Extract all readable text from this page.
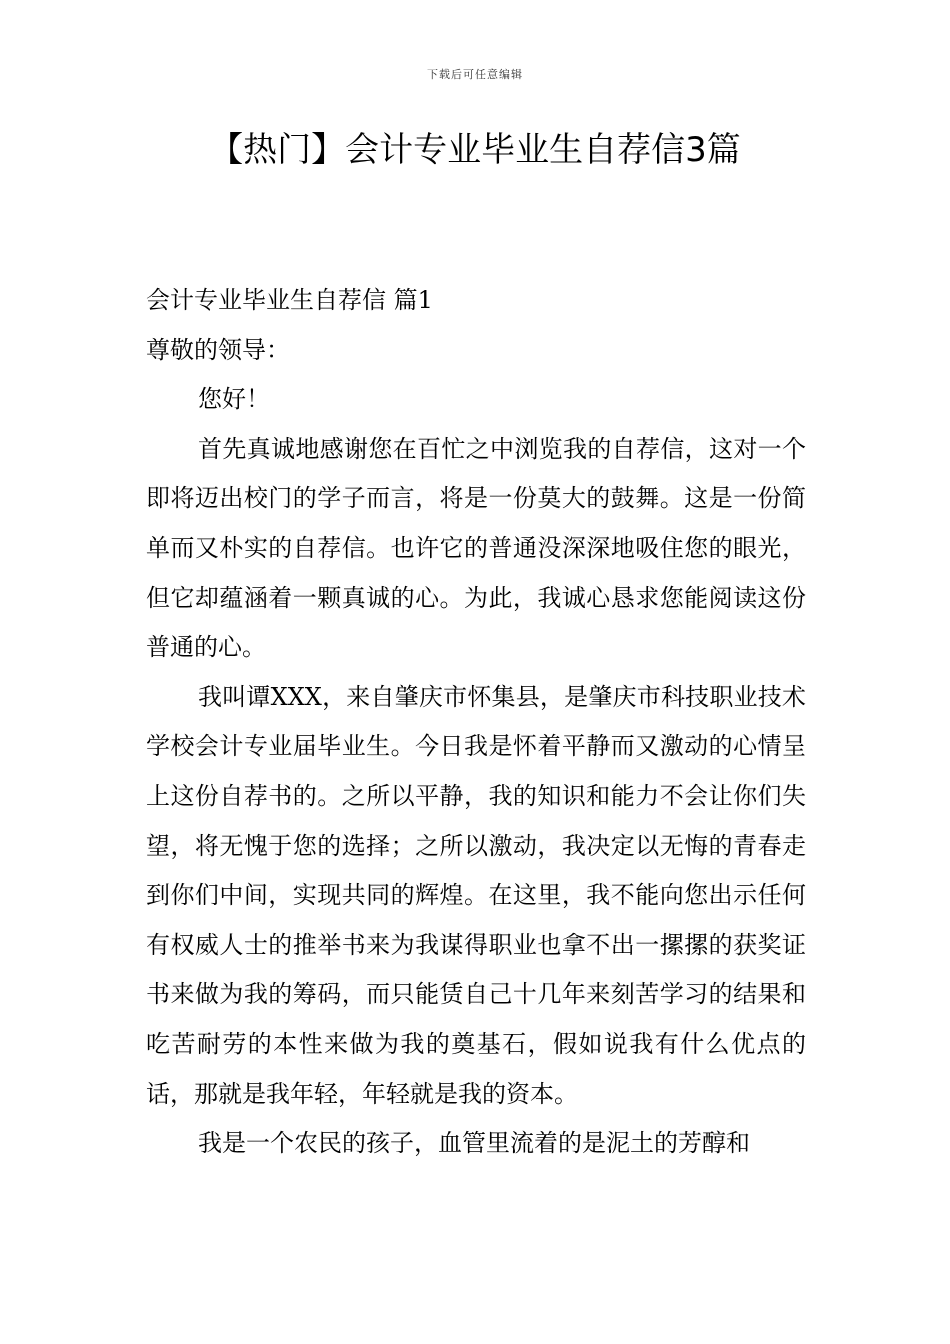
下载后可任意编辑
【热门】会计专业毕业生自荐信3篇

会计专业毕业生自荐信 篇1

尊敬的领导：

您好！

首先真诚地感谢您在百忙之中浏览我的自荐信，这对一个即将迈出校门的学子而言，将是一份莫大的鼓舞。这是一份简单而又朴实的自荐信。也许它的普通没深深地吸住您的眼光，但它却蕴涵着一颗真诚的心。为此，我诚心恳求您能阅读这份普通的心。

我叫谭XXX，来自肇庆市怀集县，是肇庆市科技职业技术学校会计专业届毕业生。今日我是怀着平静而又激动的心情呈上这份自荐书的。之所以平静，我的知识和能力不会让你们失望，将无愧于您的选择；之所以激动，我决定以无悔的青春走到你们中间，实现共同的辉煌。在这里，我不能向您出示任何有权威人士的推举书来为我谋得职业也拿不出一摞摞的获奖证书来做为我的筹码，而只能赁自己十几年来刻苦学习的结果和吃苦耐劳的本性来做为我的奠基石，假如说我有什么优点的话，那就是我年轻，年轻就是我的资本。

我是一个农民的孩子，血管里流着的是泥土的芳醇和
